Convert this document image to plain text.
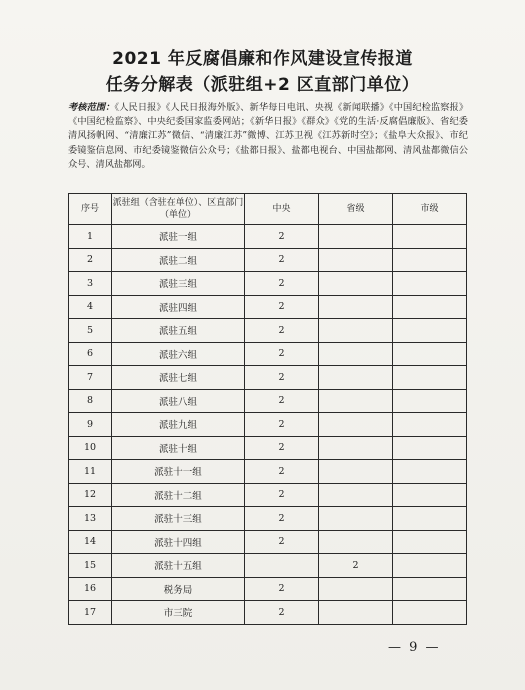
2021 年反腐倡廉和作风建设宣传报道
任务分解表（派驻组+2 区直部门单位）
考核范围：《人民日报》《人民日报海外版》、新华每日电讯、央视《新闻联播》《中国纪检监察报》《中国纪检监察》、中央纪委国家监委网站；《新华日报》《群众》《党的生活·反腐倡廉版》、省纪委清风扬帆网、“清廉江苏”微信、“清廉江苏”微博、江苏卫视《江苏新时空》；《盐阜大众报》、市纪委镜鉴信息网、市纪委镜鉴微信公众号；《盐都日报》、盐都电视台、中国盐都网、清风盐都微信公众号、清风盐都网。
序号	派驻组（含驻在单位）、区直部门（单位）	中央	省级	市级
1	派驻一组	2		
2	派驻二组	2		
3	派驻三组	2		
4	派驻四组	2		
5	派驻五组	2		
6	派驻六组	2		
7	派驻七组	2		
8	派驻八组	2		
9	派驻九组	2		
10	派驻十组	2		
11	派驻十一组	2		
12	派驻十二组	2		
13	派驻十三组	2		
14	派驻十四组	2		
15	派驻十五组		2	
16	税务局	2		
17	市三院	2		
— 9 —
